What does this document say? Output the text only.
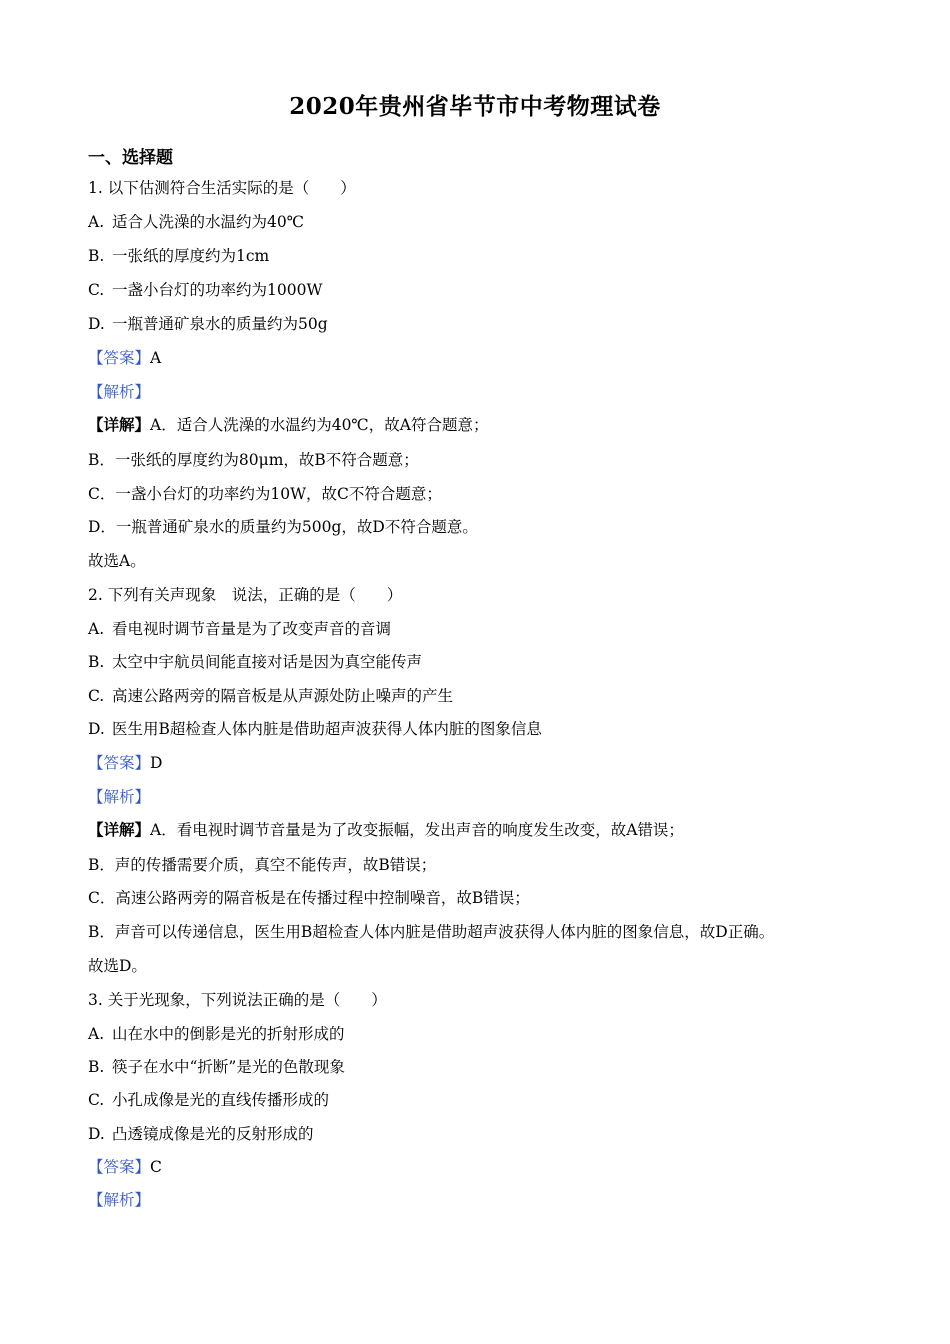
2020年贵州省毕节市中考物理试卷
一、选择题
1. 以下估测符合生活实际的是（　　）
A. 适合人洗澡的水温约为40℃
B. 一张纸的厚度约为1cm
C. 一盏小台灯的功率约为1000W
D. 一瓶普通矿泉水的质量约为50g
【答案】A
【解析】
【详解】A．适合人洗澡的水温约为40℃，故A符合题意；
B．一张纸的厚度约为80μm，故B不符合题意；
C．一盏小台灯的功率约为10W，故C不符合题意；
D．一瓶普通矿泉水的质量约为500g，故D不符合题意。
故选A。
2. 下列有关声现象　说法，正确的是（　　）
A. 看电视时调节音量是为了改变声音的音调
B. 太空中宇航员间能直接对话是因为真空能传声
C. 高速公路两旁的隔音板是从声源处防止噪声的产生
D. 医生用B超检查人体内脏是借助超声波获得人体内脏的图象信息
【答案】D
【解析】
【详解】A．看电视时调节音量是为了改变振幅，发出声音的响度发生改变，故A错误；
B．声的传播需要介质，真空不能传声，故B错误；
C．高速公路两旁的隔音板是在传播过程中控制噪音，故B错误；
B．声音可以传递信息，医生用B超检查人体内脏是借助超声波获得人体内脏的图象信息，故D正确。
故选D。
3. 关于光现象，下列说法正确的是（　　）
A. 山在水中的倒影是光的折射形成的
B. 筷子在水中“折断”是光的色散现象
C. 小孔成像是光的直线传播形成的
D. 凸透镜成像是光的反射形成的
【答案】C
【解析】
